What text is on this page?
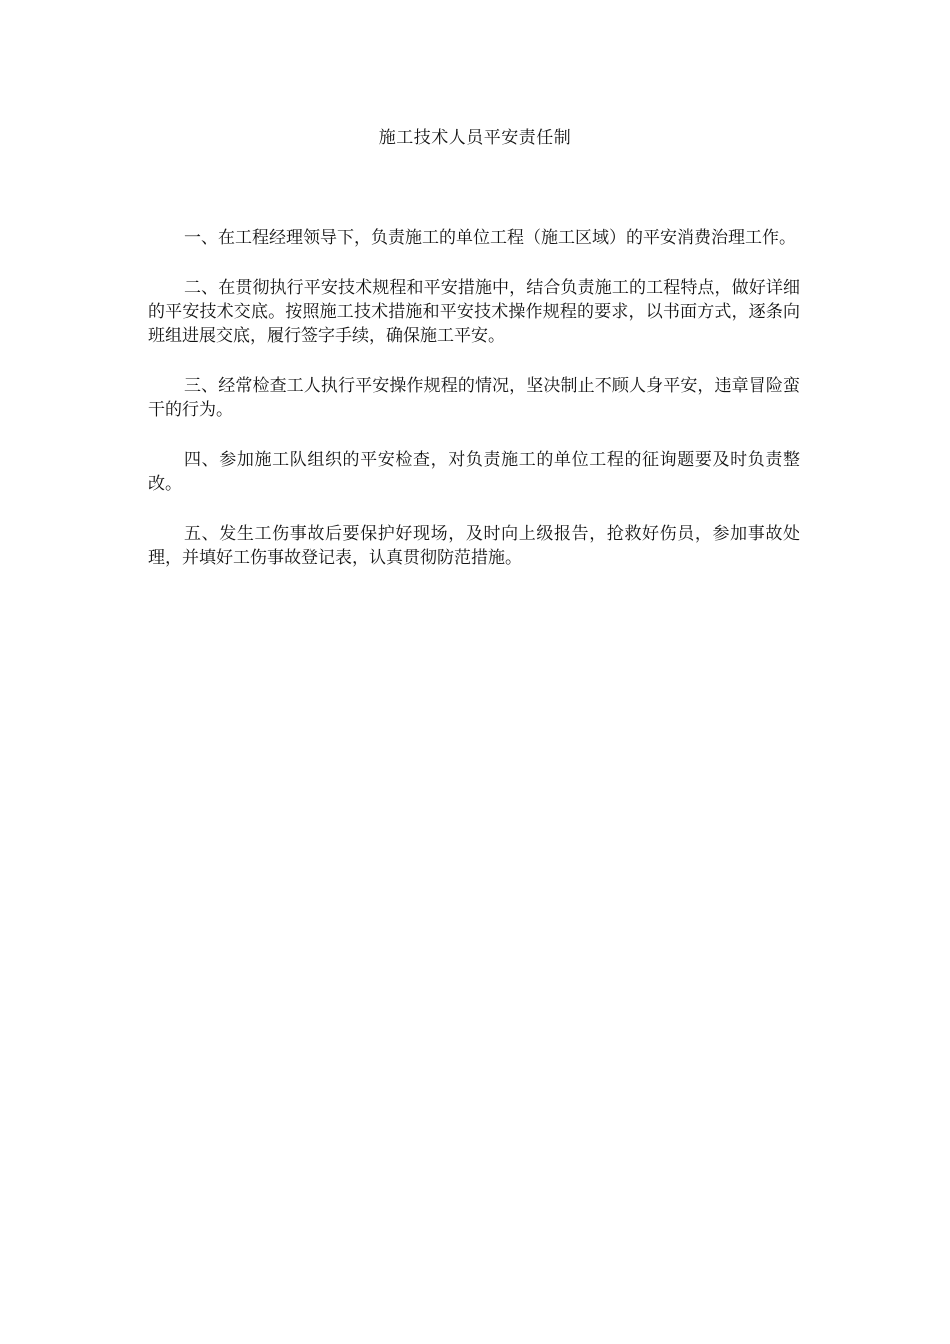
施工技术人员平安责任制

一、在工程经理领导下，负责施工的单位工程（施工区域）的平安消费治理工作。

二、在贯彻执行平安技术规程和平安措施中，结合负责施工的工程特点，做好详细的平安技术交底。按照施工技术措施和平安技术操作规程的要求，以书面方式，逐条向班组进展交底，履行签字手续，确保施工平安。

三、经常检查工人执行平安操作规程的情况，坚决制止不顾人身平安，违章冒险蛮干的行为。

四、参加施工队组织的平安检查，对负责施工的单位工程的征询题要及时负责整改。

五、发生工伤事故后要保护好现场，及时向上级报告，抢救好伤员，参加事故处理，并填好工伤事故登记表，认真贯彻防范措施。
